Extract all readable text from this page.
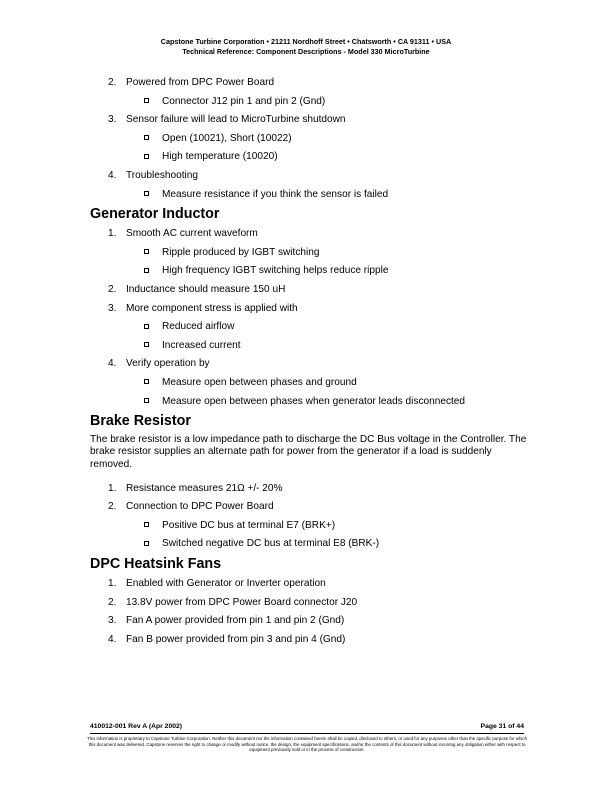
Capstone Turbine Corporation • 21211 Nordhoff Street • Chatsworth • CA 91311 • USA
Technical Reference: Component Descriptions - Model 330 MicroTurbine
2. Powered from DPC Power Board
Connector J12 pin 1 and pin 2 (Gnd)
3. Sensor failure will lead to MicroTurbine shutdown
Open (10021), Short (10022)
High temperature (10020)
4. Troubleshooting
Measure resistance if you think the sensor is failed
Generator Inductor
1. Smooth AC current waveform
Ripple produced by IGBT switching
High frequency IGBT switching helps reduce ripple
2. Inductance should measure 150 uH
3. More component stress is applied with
Reduced airflow
Increased current
4. Verify operation by
Measure open between phases and ground
Measure open between phases when generator leads disconnected
Brake Resistor

The brake resistor is a low impedance path to discharge the DC Bus voltage in the Controller. The brake resistor supplies an alternate path for power from the generator if a load is suddenly removed.

1. Resistance measures 21Ω +/- 20%
2. Connection to DPC Power Board
Positive DC bus at terminal E7 (BRK+)
Switched negative DC bus at terminal E8 (BRK-)
DPC Heatsink Fans
1. Enabled with Generator or Inverter operation
2. 13.8V power from DPC Power Board connector J20
3. Fan A power provided from pin 1 and pin 2 (Gnd)
4. Fan B power provided from pin 3 and pin 4 (Gnd)
410012-001 Rev A (Apr 2002)	Page 31 of 44
This information is proprietary to Capstone Turbine Corporation. Neither this document nor the information contained herein shall be copied, disclosed to others, or used for any purposes other than the specific purpose for which this document was delivered. Capstone reserves the right to change or modify without notice, the design, the equipment specifications, and/or the contents of this document without incurring any obligation either with respect to equipment previously sold or in the process of construction.
